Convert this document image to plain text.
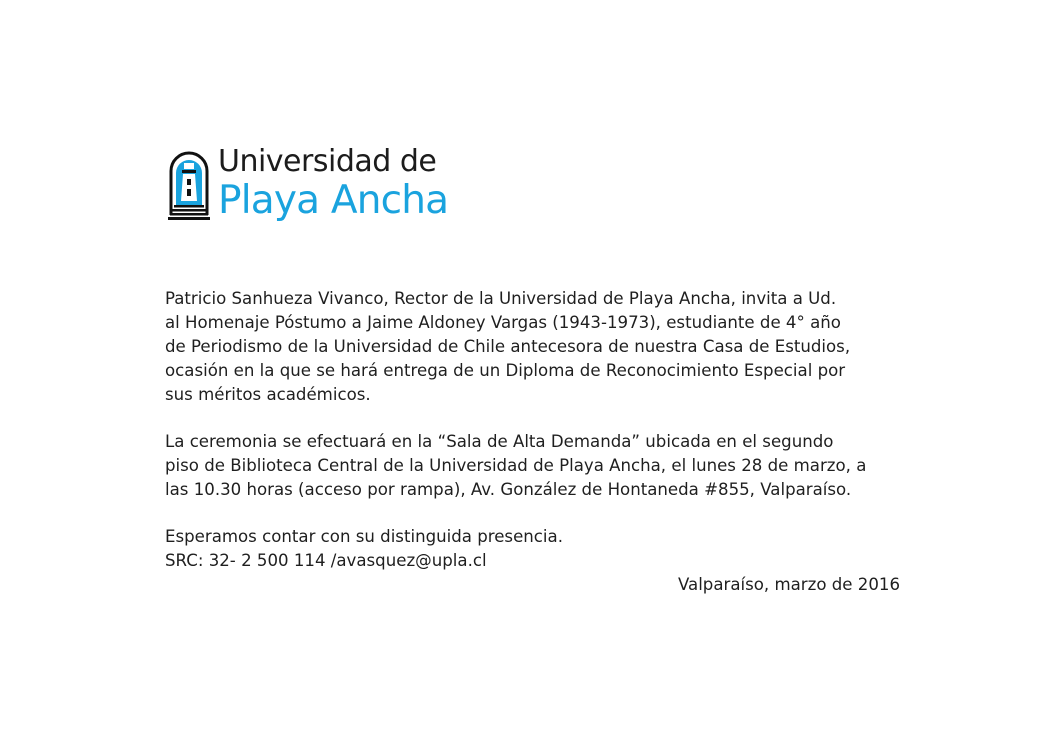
Universidad de
Playa Ancha
Patricio Sanhueza Vivanco, Rector de la Universidad de Playa Ancha, invita a Ud.
al Homenaje Póstumo a Jaime Aldoney Vargas (1943-1973), estudiante de 4° año
de Periodismo de la Universidad de Chile antecesora de nuestra Casa de Estudios,
ocasión en la que se hará entrega de un Diploma de Reconocimiento Especial por
sus méritos académicos.
La ceremonia se efectuará en la “Sala de Alta Demanda” ubicada en el segundo
piso de Biblioteca Central de la Universidad de Playa Ancha, el lunes 28 de marzo, a
las 10.30 horas (acceso por rampa), Av. González de Hontaneda #855, Valparaíso.
Esperamos contar con su distinguida presencia.
SRC: 32- 2 500 114 /avasquez@upla.cl

Valparaíso, marzo de 2016
